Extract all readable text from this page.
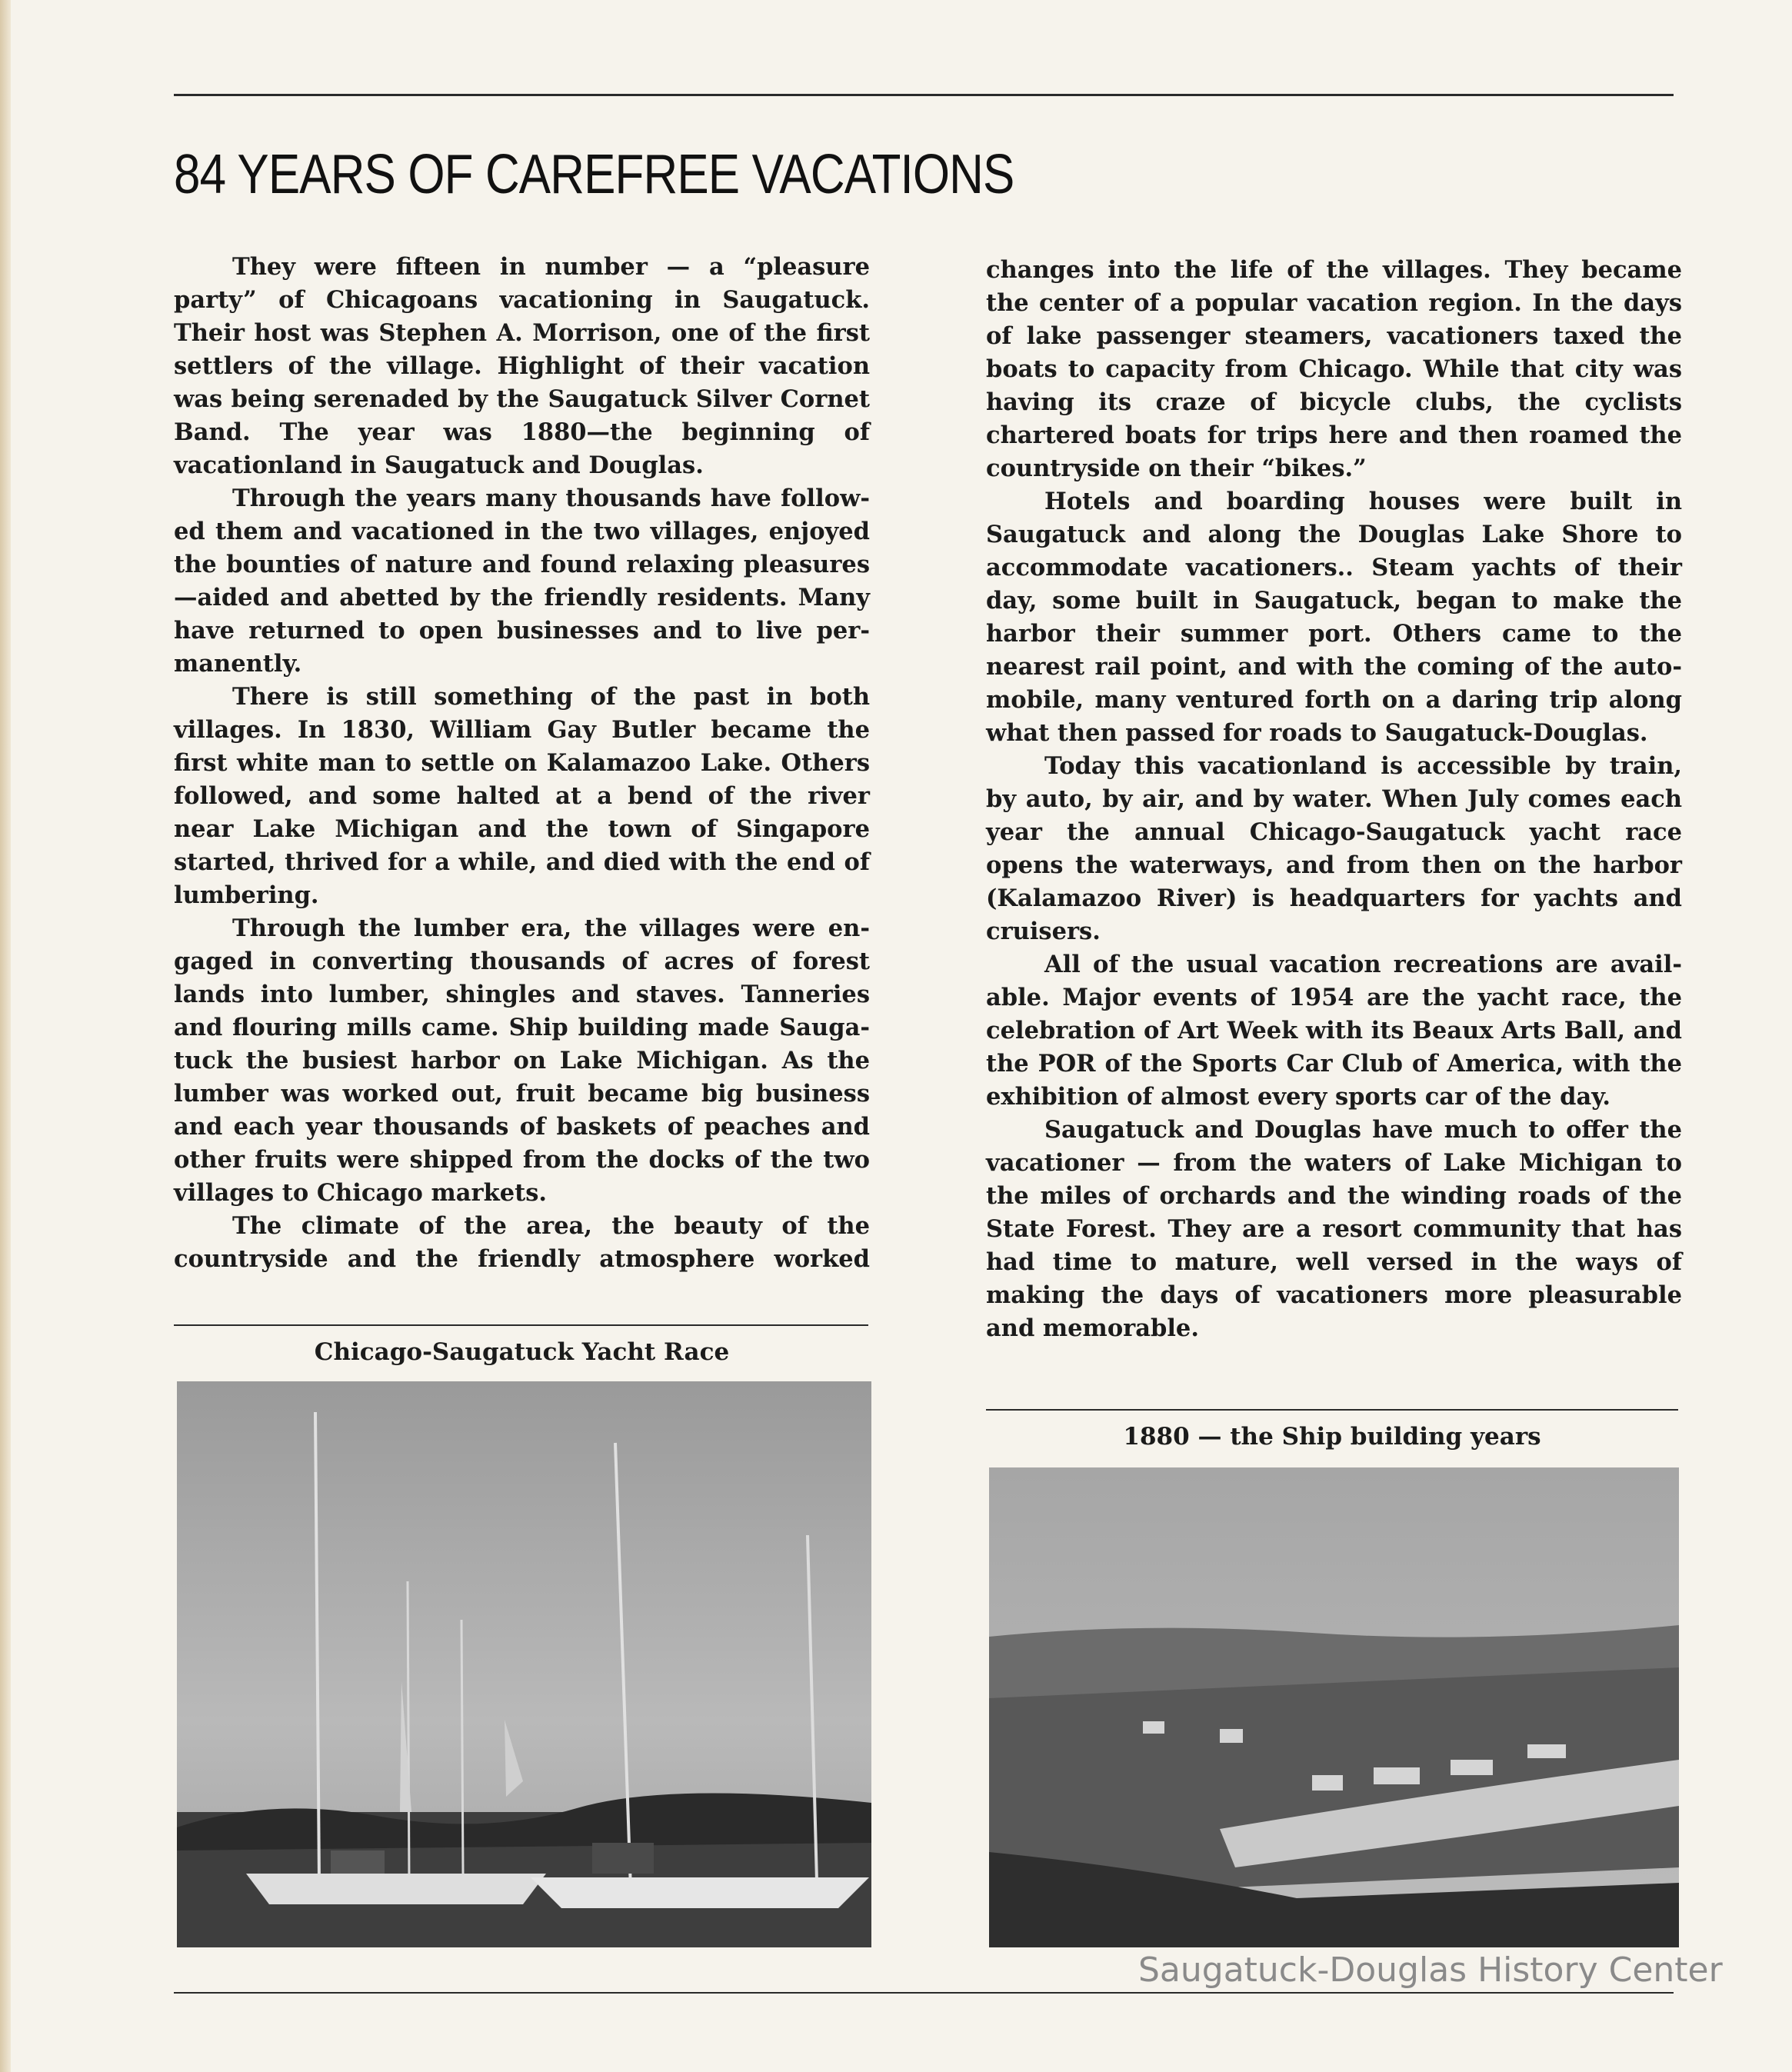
84 YEARS OF CAREFREE VACATIONS

They were fifteen in number — a “pleasure party” of Chicagoans vacationing in Saugatuck. Their host was Stephen A. Morrison, one of the first settlers of the village. Highlight of their vacation was being serenaded by the Saugatuck Silver Cornet Band. The year was 1880—the beginning of vacationland in Saugatuck and Douglas.

Through the years many thousands have followed them and vacationed in the two villages, enjoyed the bounties of nature and found relaxing pleasures —aided and abetted by the friendly residents. Many have returned to open businesses and to live permanently.

There is still something of the past in both villages. In 1830, William Gay Butler became the first white man to settle on Kalamazoo Lake. Others followed, and some halted at a bend of the river near Lake Michigan and the town of Singapore started, thrived for a while, and died with the end of lumbering.

Through the lumber era, the villages were engaged in converting thousands of acres of forest lands into lumber, shingles and staves. Tanneries and flouring mills came. Ship building made Saugatuck the busiest harbor on Lake Michigan. As the lumber was worked out, fruit became big business and each year thousands of baskets of peaches and other fruits were shipped from the docks of the two villages to Chicago markets.

The climate of the area, the beauty of the countryside and the friendly atmosphere worked

changes into the life of the villages. They became the center of a popular vacation region. In the days of lake passenger steamers, vacationers taxed the boats to capacity from Chicago. While that city was having its craze of bicycle clubs, the cyclists chartered boats for trips here and then roamed the countryside on their “bikes.”

Hotels and boarding houses were built in Saugatuck and along the Douglas Lake Shore to accommodate vacationers.. Steam yachts of their day, some built in Saugatuck, began to make the harbor their summer port. Others came to the nearest rail point, and with the coming of the automobile, many ventured forth on a daring trip along what then passed for roads to Saugatuck-Douglas.

Today this vacationland is accessible by train, by auto, by air, and by water. When July comes each year the annual Chicago-Saugatuck yacht race opens the waterways, and from then on the harbor (Kalamazoo River) is headquarters for yachts and cruisers.

All of the usual vacation recreations are available. Major events of 1954 are the yacht race, the celebration of Art Week with its Beaux Arts Ball, and the POR of the Sports Car Club of America, with the exhibition of almost every sports car of the day.

Saugatuck and Douglas have much to offer the vacationer — from the waters of Lake Michigan to the miles of orchards and the winding roads of the State Forest. They are a resort community that has had time to mature, well versed in the ways of making the days of vacationers more pleasurable and memorable.

Chicago-Saugatuck Yacht Race

1880 — the Ship building years

Saugatuck-Douglas History Center
